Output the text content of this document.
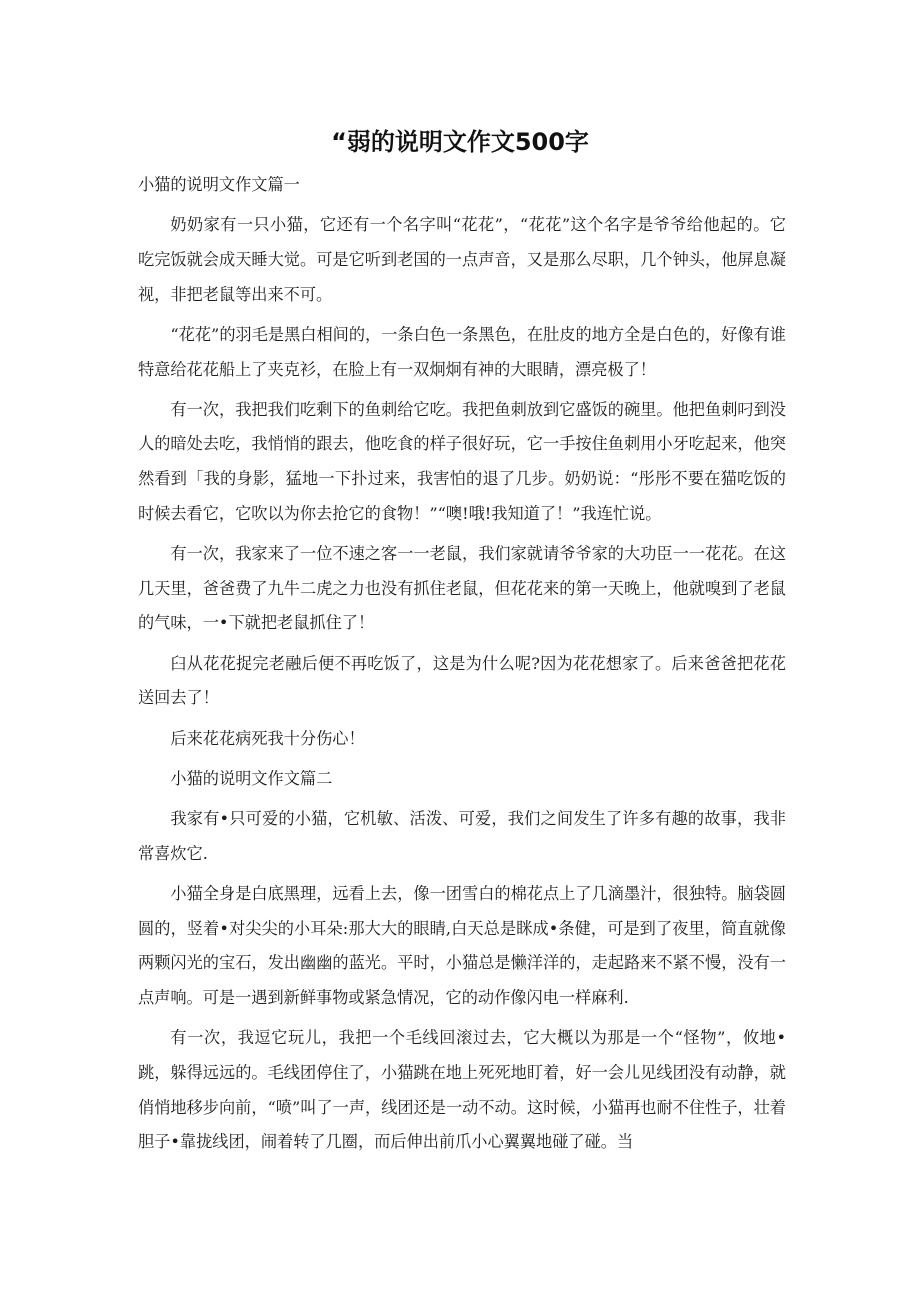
“弱的说明文作文500字

小猫的说明文作文篇一

奶奶家有一只小猫，它还有一个名字叫“花花”，“花花”这个名字是爷爷给他起的。它吃完饭就会成天睡大觉。可是它听到老国的一点声音，又是那么尽职，几个钟头，他屏息凝视，非把老鼠等出来不可。

“花花”的羽毛是黑白相间的，一条白色一条黑色，在肚皮的地方全是白色的，好像有谁特意给花花船上了夹克衫，在脸上有一双炯炯有神的大眼睛，漂亮极了！

有一次，我把我们吃剩下的鱼刺给它吃。我把鱼刺放到它盛饭的碗里。他把鱼刺叼到没人的暗处去吃，我悄悄的跟去，他吃食的样子很好玩，它一手按住鱼刺用小牙吃起来，他突然看到「我的身影，猛地一下扑过来，我害怕的退了几步。奶奶说：“彤彤不要在猫吃饭的时候去看它，它吹以为你去抢它的食物！”“噢!哦!我知道了！”我连忙说。

有一次，我家来了一位不速之客一一老鼠，我们家就请爷爷家的大功臣一一花花。在这几天里，爸爸费了九牛二虎之力也没有抓住老鼠，但花花来的第一天晚上，他就嗅到了老鼠的气味，一•下就把老鼠抓住了！

臼从花花捉完老融后便不再吃饭了，这是为什么呢?因为花花想家了。后来爸爸把花花送回去了！

后来花花病死我十分伤心！

小猫的说明文作文篇二

我家有•只可爱的小猫，它机敏、活泼、可爱，我们之间发生了许多有趣的故事，我非常喜炊它.

小猫全身是白底黑理，远看上去，像一团雪白的棉花点上了几滴墨汁，很独特。脑袋圆圆的，竖着•对尖尖的小耳朵:那大大的眼睛,白天总是眯成•条健，可是到了夜里，简直就像两颗闪光的宝石，发出幽幽的蓝光。平时，小猫总是懒洋洋的，走起路来不紧不慢，没有一点声响。可是一遇到新鲜事物或紧急情况，它的动作像闪电一样麻利.

有一次，我逗它玩儿，我把一个毛线回滚过去，它大概以为那是一个“怪物”，攸地•跳，躲得远远的。毛线团停住了，小猫跳在地上死死地盯着，好一会儿见线团没有动静，就俏悄地移步向前，“喷”叫了一声，线团还是一动不动。这时候，小猫再也耐不住性子，壮着胆子•靠拢线团，闹着转了几圈，而后伸出前爪小心翼翼地碰了碰。当
